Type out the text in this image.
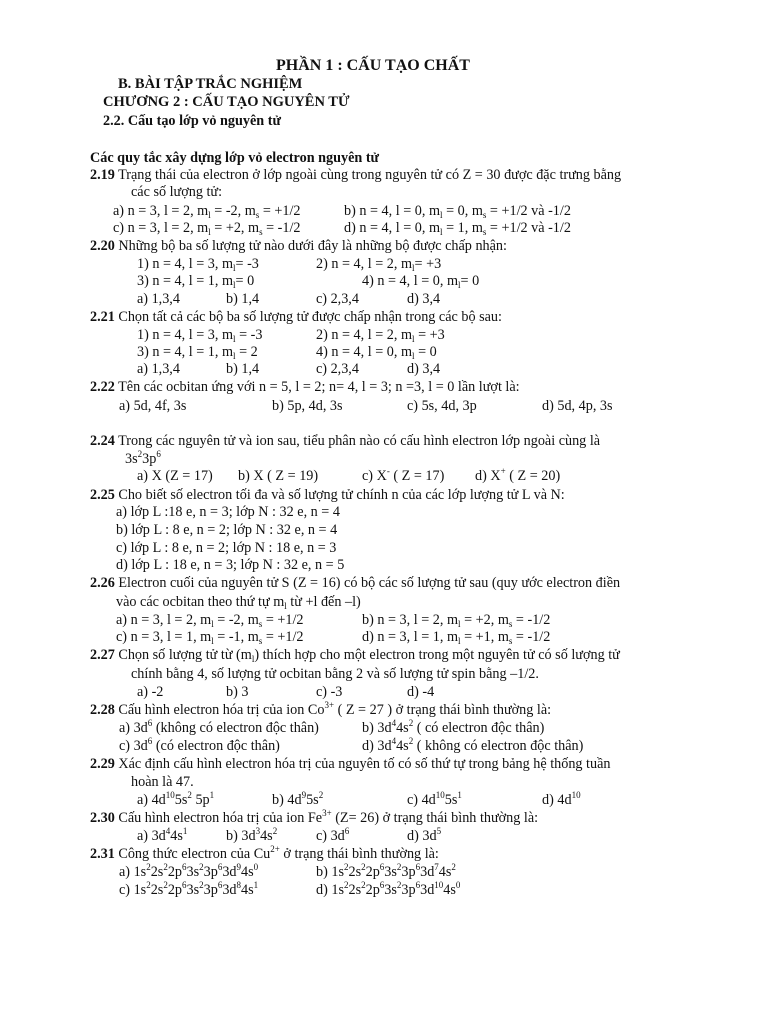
PHẦN 1 : CẤU TẠO CHẤT
B. BÀI TẬP TRẮC NGHIỆM
CHƯƠNG 2 : CẤU TẠO NGUYÊN TỬ
2.2. Cấu tạo lớp vỏ nguyên tử
Các quy tắc xây dựng lớp vỏ electron nguyên tử
2.19 Trạng thái của electron ở lớp ngoài cùng trong nguyên tử có Z = 30 được đặc trưng bằng
các số lượng tử:
a) n = 3, l = 2, $m_l = -2$, $m_s = +1/2$	b) n = 4, l = 0, $m_l = 0$, $m_s = +1/2$ và -1/2
c) n = 3, l = 2, $m_l = +2$, $m_s = -1/2$	d) n = 4, l = 0, $m_l = 1$, $m_s = +1/2$ và -1/2
2.20 Những bộ ba số lượng tử nào dưới đây là những bộ được chấp nhận:
1) n = 4, l = 3, $m_l= -3$	2) n = 4, l = 2, $m_l= +3$
3) n = 4, l = 1, $m_l= 0$	4) n = 4, l = 0, $m_l= 0$
a) 1,3,4	b) 1,4	c) 2,3,4	d) 3,4
2.21 Chọn tất cả các bộ ba số lượng tử được chấp nhận trong các bộ sau:
1) n = 4, l = 3, $m_l = -3$	2) n = 4, l = 2, $m_l = +3$
3) n = 4, l = 1, $m_l = 2$	4) n = 4, l = 0, $m_l = 0$
a) 1,3,4	b) 1,4	c) 2,3,4	d) 3,4
2.22 Tên các ocbitan ứng với n = 5, l = 2; n= 4, l = 3; n =3, l = 0 lần lượt là:
a) 5d, 4f, 3s	b) 5p, 4d, 3s	c) 5s, 4d, 3p	d) 5d, 4p, 3s
2.24 Trong các nguyên tử và ion sau, tiểu phân nào có cấu hình electron lớp ngoài cùng là
$3s^23p^6$
a) X (Z = 17) b) X ( Z = 19)	c) X- ( Z = 17) d) X+ ( Z = 20)
2.25 Cho biết số electron tối đa và số lượng tử chính n của các lớp lượng tử L và N:
a) lớp L :18 e, n = 3; lớp N : 32 e, n = 4
b) lớp L : 8 e, n = 2; lớp N : 32 e, n = 4
c) lớp L : 8 e, n = 2; lớp N : 18 e, n = 3
d) lớp L : 18 e, n = 3; lớp N : 32 e, n = 5
2.26 Electron cuối của nguyên tử S (Z = 16) có bộ các số lượng tử sau (quy ước electron điền
vào các ocbitan theo thứ tự $m_l$ từ +l đến –l)
a) n = 3, l = 2, $m_l = -2$, $m_s = +1/2$	b) n = 3, l = 2, $m_l = +2$, $m_s = -1/2$
c) n = 3, l = 1, $m_l = -1$, $m_s = +1/2$	d) n = 3, l = 1, $m_l = +1$, $m_s = -1/2$
2.27 Chọn số lượng tử từ $(m_l)$ thích hợp cho một electron trong một nguyên tử có số lượng tử
chính bằng 4, số lượng tử ocbitan bằng 2 và số lượng tử spin bằng –1/2.
a) -2	b) 3	c) -3	d) -4
2.28 Cấu hình electron hóa trị của ion $Co^{3+}$ ( Z = 27 ) ở trạng thái bình thường là:
a) $3d^6$ (không có electron độc thân)	b) $3d^44s^2$ ( có electron độc thân)
c) $3d^6$ (có electron độc thân)	d) $3d^44s^2$ ( không có electron độc thân)
2.29 Xác định cấu hình electron hóa trị của nguyên tố có số thứ tự trong bảng hệ thống tuần
hoàn là 47.
a) $4d^{10}5s^2$ $5p^1$	b) $4d^95s^2$	c) $4d^{10}5s^1$	d) $4d^{10}$
2.30 Cấu hình electron hóa trị của ion $Fe^{3+}$ (Z= 26) ở trạng thái bình thường là:
a) $3d^44s^1$	b) $3d^34s^2$	c) $3d^6$	d) $3d^5$
2.31 Công thức electron của $Cu^{2+}$ ở trạng thái bình thường là:
a) $1s^22s^22p^63s^23p^63d^94s^0$	b) $1s^22s^22p^63s^23p^63d^74s^2$
c) $1s^22s^22p^63s^23p^63d^84s^1$	d) $1s^22s^22p^63s^23p^63d^{10}4s^0$
